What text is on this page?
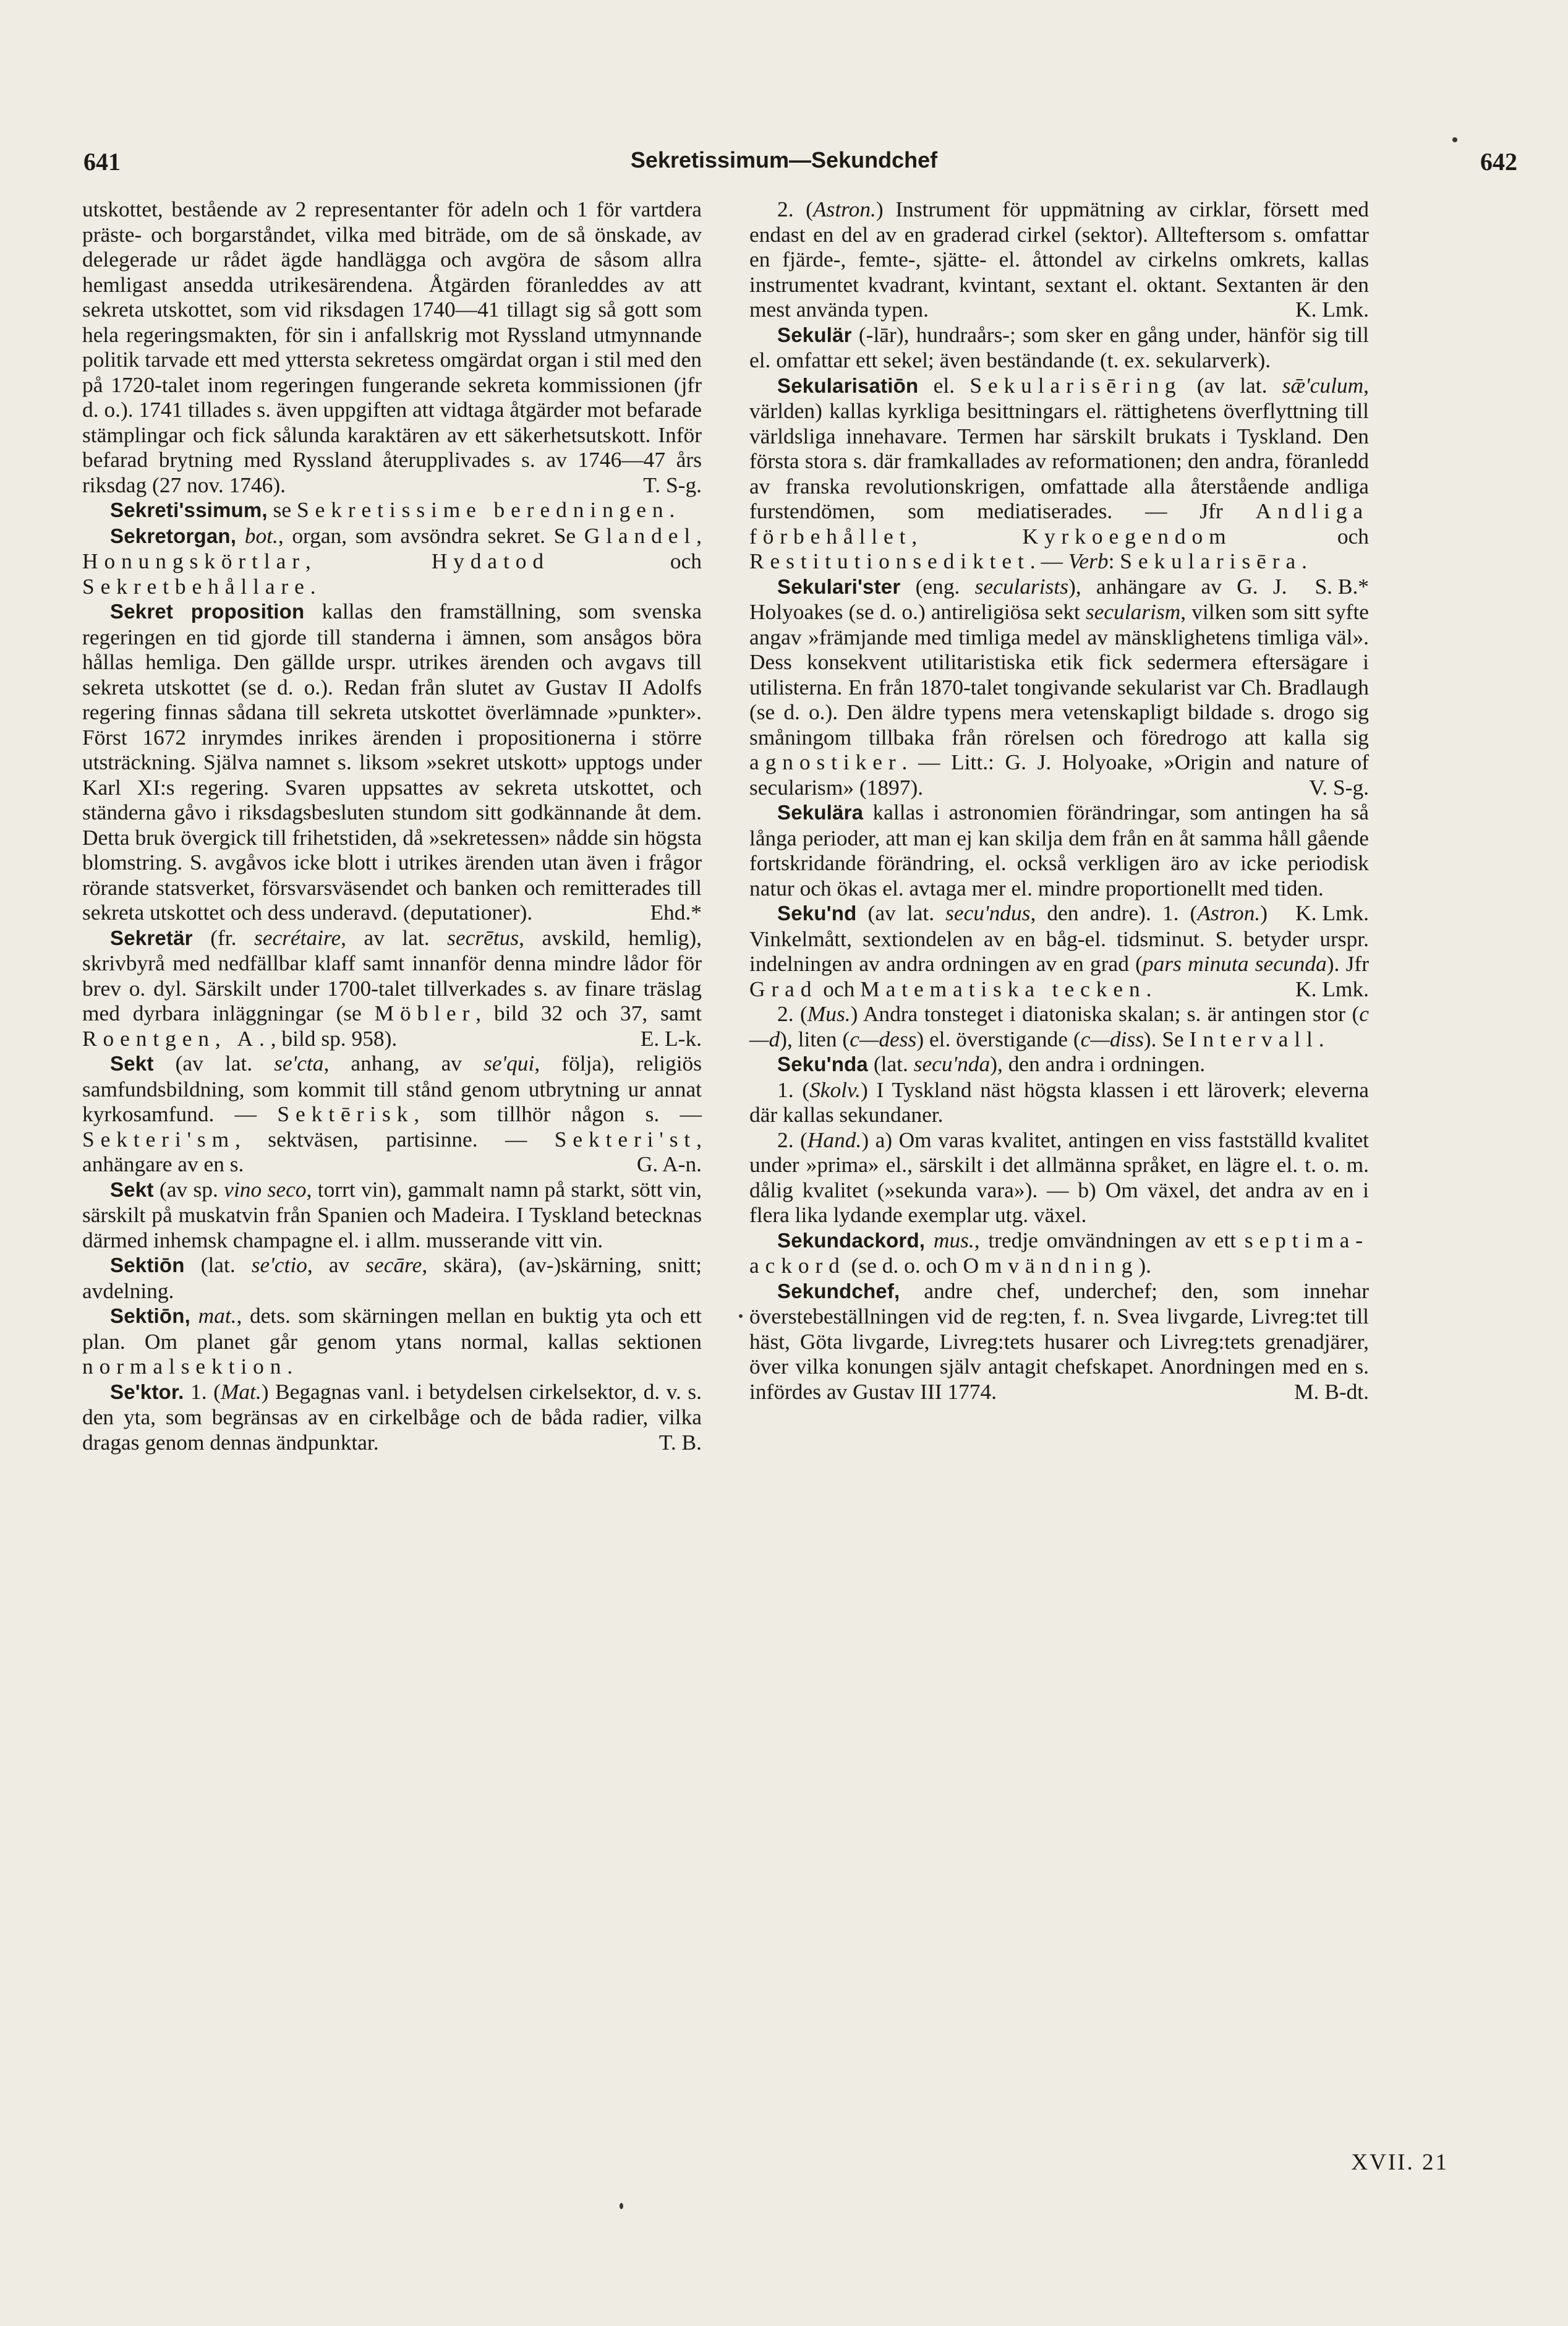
Sekretissimum—Sekundchef
641	642

utskottet, bestående av 2 representanter för adeln och 1 för vartdera präste- och borgarståndet, vilka med biträde, om de så önskade, av delegerade ur rådet ägde handlägga och avgöra de såsom allra hemligast ansedda utrikesärendena. Åtgärden föranleddes av att sekreta utskottet, som vid riksdagen 1740—41 tillagt sig så gott som hela regeringsmakten, för sin i anfallskrig mot Ryssland utmynnande politik tarvade ett med yttersta sekretess omgärdat organ i stil med den på 1720-talet inom regeringen fungerande sekreta kommissionen (jfr d. o.). 1741 tillades s. även uppgiften att vidtaga åtgärder mot befarade stämplingar och fick sålunda karaktären av ett säkerhetsutskott. Inför befarad brytning med Ryssland återupplivades s. av 1746—47 års riksdag (27 nov. 1746).	T. S-g.

Sekreti'ssimum, se Sekretissime beredningen.

Sekretorgan, bot., organ, som avsöndra sekret. Se Glandel, Honungskörtlar, Hydatod och Sekretbehållare.

Sekret proposition kallas den framställning, som svenska regeringen en tid gjorde till standerna i ämnen, som ansågos böra hållas hemliga. Den gällde urspr. utrikes ärenden och avgavs till sekreta utskottet (se d. o.). Redan från slutet av Gustav II Adolfs regering finnas sådana till sekreta utskottet överlämnade »punkter». Först 1672 inrymdes inrikes ärenden i propositionerna i större utsträckning. Själva namnet s. liksom »sekret utskott» upptogs under Karl XI:s regering. Svaren uppsattes av sekreta utskottet, och ständerna gåvo i riksdagsbesluten stundom sitt godkännande åt dem. Detta bruk övergick till frihetstiden, då »sekretessen» nådde sin högsta blomstring. S. avgåvos icke blott i utrikes ärenden utan även i frågor rörande statsverket, försvarsväsendet och banken och remitterades till sekreta utskottet och dess underavd. (deputationer).	Ehd.*

Sekretär (fr. secrétaire, av lat. secrētus, avskild, hemlig), skrivbyrå med nedfällbar klaff samt innanför denna mindre lådor för brev o. dyl. Särskilt under 1700-talet tillverkades s. av finare träslag med dyrbara inläggningar (se Möbler, bild 32 och 37, samt Roentgen, A., bild sp. 958).	E. L-k.

Sekt (av lat. se'cta, anhang, av se'qui, följa), religiös samfundsbildning, som kommit till stånd genom utbrytning ur annat kyrkosamfund. — Sektērisk, som tillhör någon s. — Sekteri'sm, sektväsen, partisinne. — Sekteri'st, anhängare av en s.	G. A-n.

Sekt (av sp. vino seco, torrt vin), gammalt namn på starkt, sött vin, särskilt på muskatvin från Spanien och Madeira. I Tyskland betecknas därmed inhemsk champagne el. i allm. musserande vitt vin.

Sektiōn (lat. se'ctio, av secāre, skära), (av-)skärning, snitt; avdelning.

Sektiōn, mat., dets. som skärningen mellan en buktig yta och ett plan. Om planet går genom ytans normal, kallas sektionen normalsektion.

Se'ktor. 1. (Mat.) Begagnas vanl. i betydelsen cirkelsektor, d. v. s. den yta, som begränsas av en cirkelbåge och de båda radier, vilka dragas genom dennas ändpunktar.	T. B.

2. (Astron.) Instrument för uppmätning av cirklar, försett med endast en del av en graderad cirkel (sektor). Allteftersom s. omfattar en fjärde-, femte-, sjätte- el. åttondel av cirkelns omkrets, kallas instrumentet kvadrant, kvintant, sextant el. oktant. Sextanten är den mest använda typen.	K. Lmk.

Sekulär (-lār), hundraårs-; som sker en gång under, hänför sig till el. omfattar ett sekel; även beständande (t. ex. sekularverk).

Sekularisatiōn el. Sekularisēring (av lat. sǣ'culum, världen) kallas kyrkliga besittningars el. rättighetens överflyttning till världsliga innehavare. Termen har särskilt brukats i Tyskland. Den första stora s. där framkallades av reformationen; den andra, föranledd av franska revolutionskrigen, omfattade alla återstående andliga furstendömen, som mediatiserades. — Jfr Andliga förbehållet, Kyrkoegendom och Restitutionsediktet. — Verb: Sekularisēra.
S. B.*

Sekulari'ster (eng. secularists), anhängare av G. J. Holyoakes (se d. o.) antireligiösa sekt secularism, vilken som sitt syfte angav »främjande med timliga medel av mänsklighetens timliga väl». Dess konsekvent utilitaristiska etik fick sedermera eftersägare i utilisterna. En från 1870-talet tongivande sekularist var Ch. Bradlaugh (se d. o.). Den äldre typens mera vetenskapligt bildade s. drogo sig småningom tillbaka från rörelsen och föredrogo att kalla sig agnostiker. — Litt.: G. J. Holyoake, »Origin and nature of secularism» (1897).	V. S-g.

Sekulära kallas i astronomien förändringar, som antingen ha så långa perioder, att man ej kan skilja dem från en åt samma håll gående fortskridande förändring, el. också verkligen äro av icke periodisk natur och ökas el. avtaga mer el. mindre proportionellt med tiden.
K. Lmk.

Seku'nd (av lat. secu'ndus, den andre). 1. (Astron.) Vinkelmått, sextiondelen av en båg-el. tidsminut. S. betyder urspr. indelningen av andra ordningen av en grad (pars minuta secunda). Jfr Grad och Matematiska tecken.	K. Lmk.

2. (Mus.) Andra tonsteget i diatoniska skalan; s. är antingen stor (c—d), liten (c—dess) el. överstigande (c—diss). Se Intervall.

Seku'nda (lat. secu'nda), den andra i ordningen.

1. (Skolv.) I Tyskland näst högsta klassen i ett läroverk; eleverna där kallas sekundaner.

2. (Hand.) a) Om varas kvalitet, antingen en viss fastställd kvalitet under »prima» el., särskilt i det allmänna språket, en lägre el. t. o. m. dålig kvalitet (»sekunda vara»). — b) Om växel, det andra av en i flera lika lydande exemplar utg. växel.

Sekundackord, mus., tredje omvändningen av ett septima-ackord (se d. o. och Omvändning).

Sekundchef, andre chef, underchef; den, som innehar överstebeställningen vid de reg:ten, f. n. Svea livgarde, Livreg:tet till häst, Göta livgarde, Livreg:tets husarer och Livreg:tets grenadjärer, över vilka konungen själv antagit chefskapet. Anordningen med en s. infördes av Gustav III 1774.	M. B-dt.

XVII. 21
